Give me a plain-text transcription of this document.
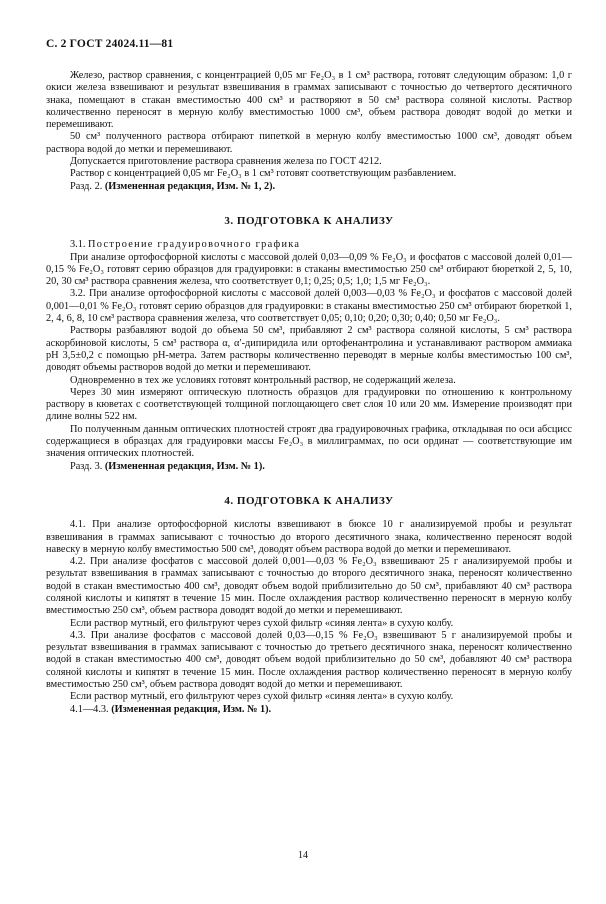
С. 2 ГОСТ 24024.11—81

Железо, раствор сравнения, с концентрацией 0,05 мг Fe₂O₃ в 1 см³ раствора, готовят следующим образом: 1,0 г окиси железа взвешивают и результат взвешивания в граммах записывают с точностью до четвертого десятичного знака, помещают в стакан вместимостью 400 см³ и растворяют в 50 см³ раствора соляной кислоты. Раствор количественно переносят в мерную колбу вместимостью 1000 см³, объем раствора доводят водой до метки и перемешивают.

50 см³ полученного раствора отбирают пипеткой в мерную колбу вместимостью 1000 см³, доводят объем раствора водой до метки и перемешивают.

Допускается приготовление раствора сравнения железа по ГОСТ 4212.

Раствор с концентрацией 0,05 мг Fe₂O₃ в 1 см³ готовят соответствующим разбавлением.

Разд. 2. (Измененная редакция, Изм. № 1, 2).

3. ПОДГОТОВКА К АНАЛИЗУ

3.1. Построение градуировочного графика

При анализе ортофосфорной кислоты с массовой долей 0,03—0,09 % Fe₂O₃ и фосфатов с массовой долей 0,01—0,15 % Fe₂O₃ готовят серию образцов для градуировки: в стаканы вместимостью 250 см³ отбирают бюреткой 2, 5, 10, 20, 30 см³ раствора сравнения железа, что соответствует 0,1; 0,25; 0,5; 1,0; 1,5 мг Fe₂O₃.

3.2. При анализе ортофосфорной кислоты с массовой долей 0,003—0,03 % Fe₂O₃ и фосфатов с массовой долей 0,001—0,01 % Fe₂O₃ готовят серию образцов для градуировки: в стаканы вместимостью 250 см³ отбирают бюреткой 1, 2, 4, 6, 8, 10 см³ раствора сравнения железа, что соответствует 0,05; 0,10; 0,20; 0,30; 0,40; 0,50 мг Fe₂O₃.

Растворы разбавляют водой до объема 50 см³, прибавляют 2 см³ раствора соляной кислоты, 5 см³ раствора аскорбиновой кислоты, 5 см³ раствора α, α′-дипиридила или ортофенантролина и устанавливают раствором аммиака pH 3,5±0,2 с помощью pH-метра. Затем растворы количественно переводят в мерные колбы вместимостью 100 см³, доводят объемы растворов водой до метки и перемешивают.

Одновременно в тех же условиях готовят контрольный раствор, не содержащий железа.

Через 30 мин измеряют оптическую плотность образцов для градуировки по отношению к контрольному раствору в кюветах с соответствующей толщиной поглощающего свет слоя 10 или 20 мм. Измерение производят при длине волны 522 нм.

По полученным данным оптических плотностей строят два градуировочных графика, откладывая по оси абсцисс содержащиеся в образцах для градуировки массы Fe₂O₃ в миллиграммах, по оси ординат — соответствующие им значения оптических плотностей.

Разд. 3. (Измененная редакция, Изм. № 1).

4. ПОДГОТОВКА К АНАЛИЗУ

4.1. При анализе ортофосфорной кислоты взвешивают в бюксе 10 г анализируемой пробы и результат взвешивания в граммах записывают с точностью до второго десятичного знака, количественно переносят водой навеску в мерную колбу вместимостью 500 см³, доводят объем раствора водой до метки и перемешивают.

4.2. При анализе фосфатов с массовой долей 0,001—0,03 % Fe₂O₃ взвешивают 25 г анализируемой пробы и результат взвешивания в граммах записывают с точностью до второго десятичного знака, переносят количественно водой в стакан вместимостью 400 см³, доводят объем водой приблизительно до 50 см³, прибавляют 40 см³ раствора соляной кислоты и кипятят в течение 15 мин. После охлаждения раствор количественно переносят в мерную колбу вместимостью 250 см³, объем раствора доводят водой до метки и перемешивают.

Если раствор мутный, его фильтруют через сухой фильтр «синяя лента» в сухую колбу.

4.3. При анализе фосфатов с массовой долей 0,03—0,15 % Fe₂O₃ взвешивают 5 г анализируемой пробы и результат взвешивания в граммах записывают с точностью до третьего десятичного знака, переносят количественно водой в стакан вместимостью 400 см³, доводят объем водой приблизительно до 50 см³, добавляют 40 см³ раствора соляной кислоты и кипятят в течение 15 мин. После охлаждения раствор количественно переносят в мерную колбу вместимостью 250 см³, объем раствора доводят водой до метки и перемешивают.

Если раствор мутный, его фильтруют через сухой фильтр «синяя лента» в сухую колбу.

4.1—4.3. (Измененная редакция, Изм. № 1).

14
